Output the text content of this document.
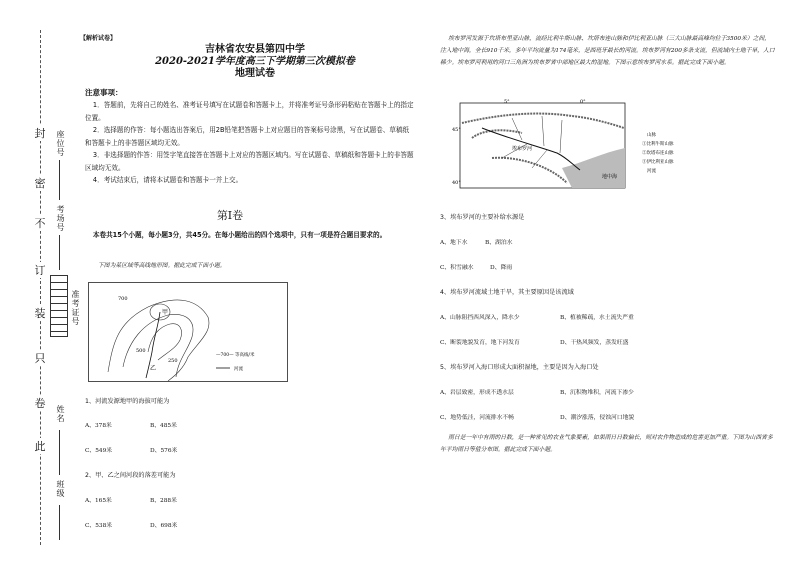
封
密
不
订
装
只
卷
此
座位号
考场号
准考证号
姓名
班级
【解析试卷】
吉林省农安县第四中学
2020-2021学年度高三下学期第三次模拟卷
地理试卷
注意事项：
1．答题前，先将自己的姓名、准考证号填写在试题卷和答题卡上，并将准考证号条形码粘贴在答题卡上的指定位置。
2．选择题的作答：每小题选出答案后，用2B铅笔把答题卡上对应题目的答案标号涂黑，写在试题卷、草稿纸和答题卡上的非答题区域均无效。
3．非选择题的作答：用签字笔直接答在答题卡上对应的答题区域内。写在试题卷、草稿纸和答题卡上的非答题区域均无效。
4．考试结束后，请将本试题卷和答题卡一并上交。
第Ⅰ卷
本卷共15个小题，每小题3分，共45分。在每小题给出的四个选项中，只有一项是符合题目要求的。
下图为某区域等高线地形图。据此完成下面小题。
700
500
250
甲
乙
—700— 等高线/米
河流
1、河流发源地甲的海拔可能为
A、378米	B、485米
C、549米	D、576米
2、甲、乙之间河段的落差可能为
A、165米	B、288米
C、538米	D、698米
埃布罗河发源于坎塔布里亚山脉，流经比利牛斯山脉、坎塔布连山脉和伊比利亚山脉（三大山脉最高峰均位于3500米）之间，注入地中海，全长910千米，多年平均流量为174毫米，是西班牙最长的河流。埃布罗河有200多条支流，但流域内土地干旱，人口稀少。埃布罗河利用的河口三角洲为埃布罗省中部地区最大的湿地。下图示意埃布罗河水系。据此完成下面小题。
45°
40°
5°	0°
埃布罗河
地中海
山脉
①比利牛斯山脉
②坎塔布连山脉
③伊比利亚山脉
河流
3、埃布罗河的主要补给水源是
A、地下水	B、湖泊水
C、积雪融水	D、降雨
4、埃布罗河流域土地干旱，其主要原因是该流域
A、山脉阻挡西风深入，降水少	B、植被稀疏，水土流失严重
C、断裂地貌发育，地下河发育	D、干热风频发，蒸发旺盛
5、埃布罗河入海口形成大面积湿地，主要是因为入海口处
A、岩层致密，形成不透水层	B、沉积物堆积，河流下渗少
C、地势低洼，河流排水不畅	D、潮汐涨落，侵蚀河口地貌
雨日是一年中有雨的日数，是一种常见的农业气象要素，如果雨日日数偏长，则对农作物造成的危害更加严重。下图为山西省多年平均雨日等值分布图。据此完成下面小题。
